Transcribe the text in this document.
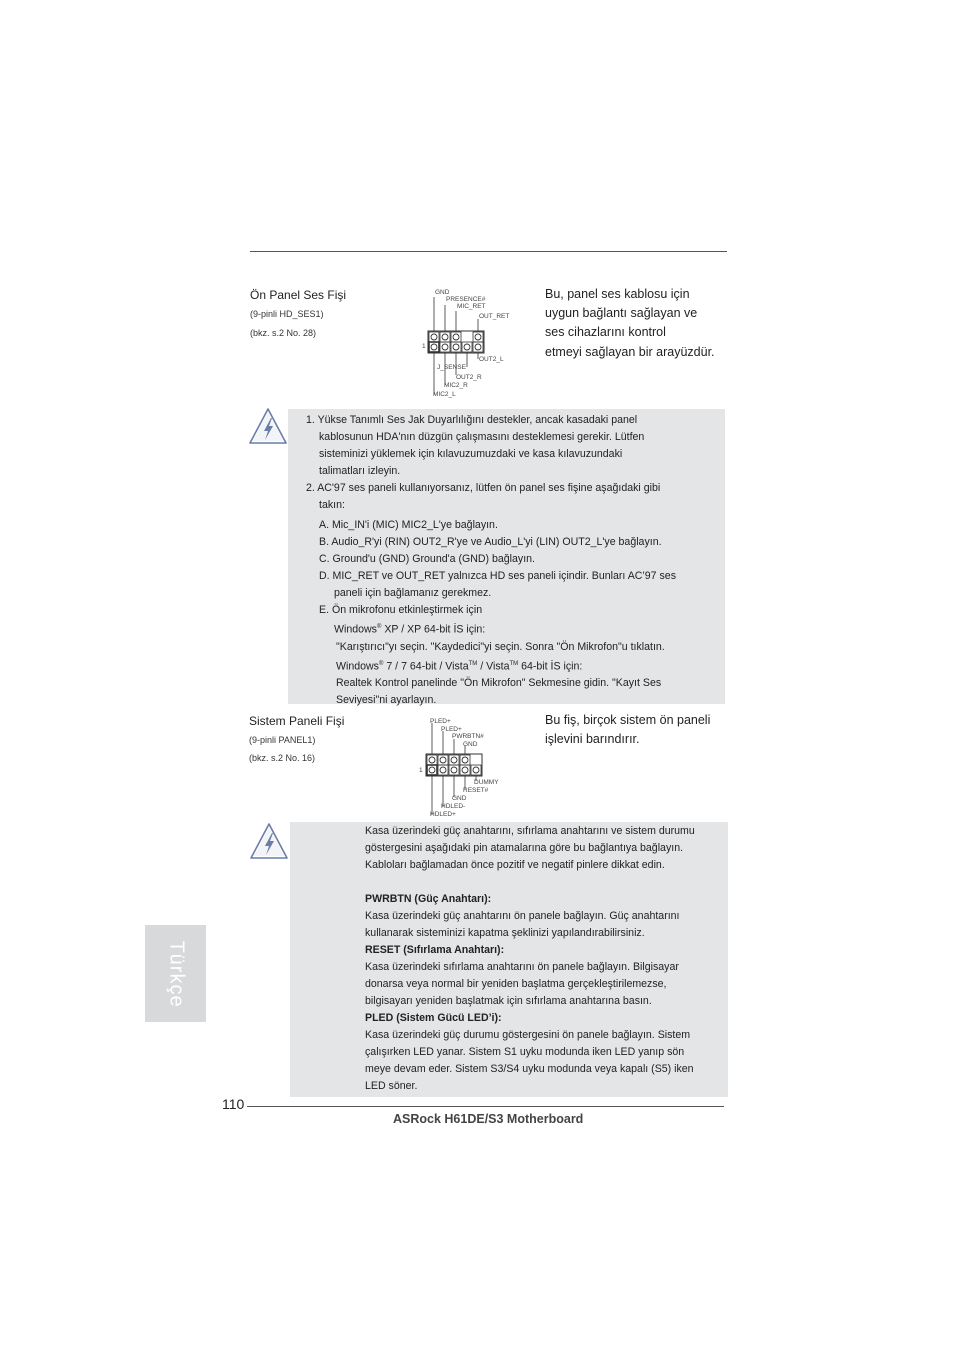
Ön Panel Ses Fişi
(9-pinli HD_SES1)
(bkz. s.2 No. 28)
GND
PRESENCE#
MIC_RET
OUT_RET
1
OUT2_L
J_SENSE
OUT2_R
MIC2_R
MIC2_L
Bu, panel ses kablosu için
uygun bağlantı sağlayan ve
ses cihazlarını kontrol
etmeyi sağlayan bir arayüzdür.

1. Yükse Tanımlı Ses Jak Duyarlılığını destekler, ancak kasadaki panel

kablosunun HDA'nın düzgün çalışmasını desteklemesi gerekir. Lütfen

sisteminizi yüklemek için kılavuzumuzdaki ve kasa kılavuzundaki

talimatları izleyin.

2. AC'97 ses paneli kullanıyorsanız, lütfen ön panel ses fişine aşağıdaki gibi

takın:

A. Mic_IN'i (MIC) MIC2_L'ye bağlayın.

B. Audio_R'yi (RIN) OUT2_R'ye ve Audio_L'yi (LIN) OUT2_L'ye bağlayın.

C. Ground'u (GND) Ground'a (GND) bağlayın.

D. MIC_RET ve OUT_RET yalnızca HD ses paneli içindir. Bunları AC’97 ses

paneli için bağlamanız gerekmez.

E. Ön mikrofonu etkinleştirmek için

Windows® XP / XP 64-bit İS için:

"Karıştırıcı"yı seçin. "Kaydedici"yi seçin. Sonra "Ön Mikrofon"u tıklatın.

Windows® 7 / 7 64-bit / Vista™ / Vista™ 64-bit İS için:

Realtek Kontrol panelinde "Ön Mikrofon" Sekmesine gidin. "Kayıt Ses

Seviyesi"ni ayarlayın.

Sistem Paneli Fişi
(9-pinli PANEL1)
(bkz. s.2 No. 16)
PLED+
PLED+
PWRBTN#
GND
1
DUMMY
RESET#
GND
HDLED-
HDLED+
Bu fiş, birçok sistem ön paneli
işlevini barındırır.

Kasa üzerindeki güç anahtarını, sıfırlama anahtarını ve sistem durumu

göstergesini aşağıdaki pin atamalarına göre bu bağlantıya bağlayın.

Kabloları bağlamadan önce pozitif ve negatif pinlere dikkat edin.

PWRBTN (Güç Anahtarı):

Kasa üzerindeki güç anahtarını ön panele bağlayın. Güç anahtarını

kullanarak sisteminizi kapatma şeklinizi yapılandırabilirsiniz.

RESET (Sıfırlama Anahtarı):

Kasa üzerindeki sıfırlama anahtarını ön panele bağlayın. Bilgisayar

donarsa veya normal bir yeniden başlatma gerçekleştirilemezse,

bilgisayarı yeniden başlatmak için sıfırlama anahtarına basın.

PLED (Sistem Gücü LED’i):

Kasa üzerindeki güç durumu göstergesini ön panele bağlayın. Sistem

çalışırken LED yanar. Sistem S1 uyku modunda iken LED yanıp sön

meye devam eder. Sistem S3/S4 uyku modunda veya kapalı (S5) iken

LED söner.

Türkçe
110
ASRock H61DE/S3 Motherboard
